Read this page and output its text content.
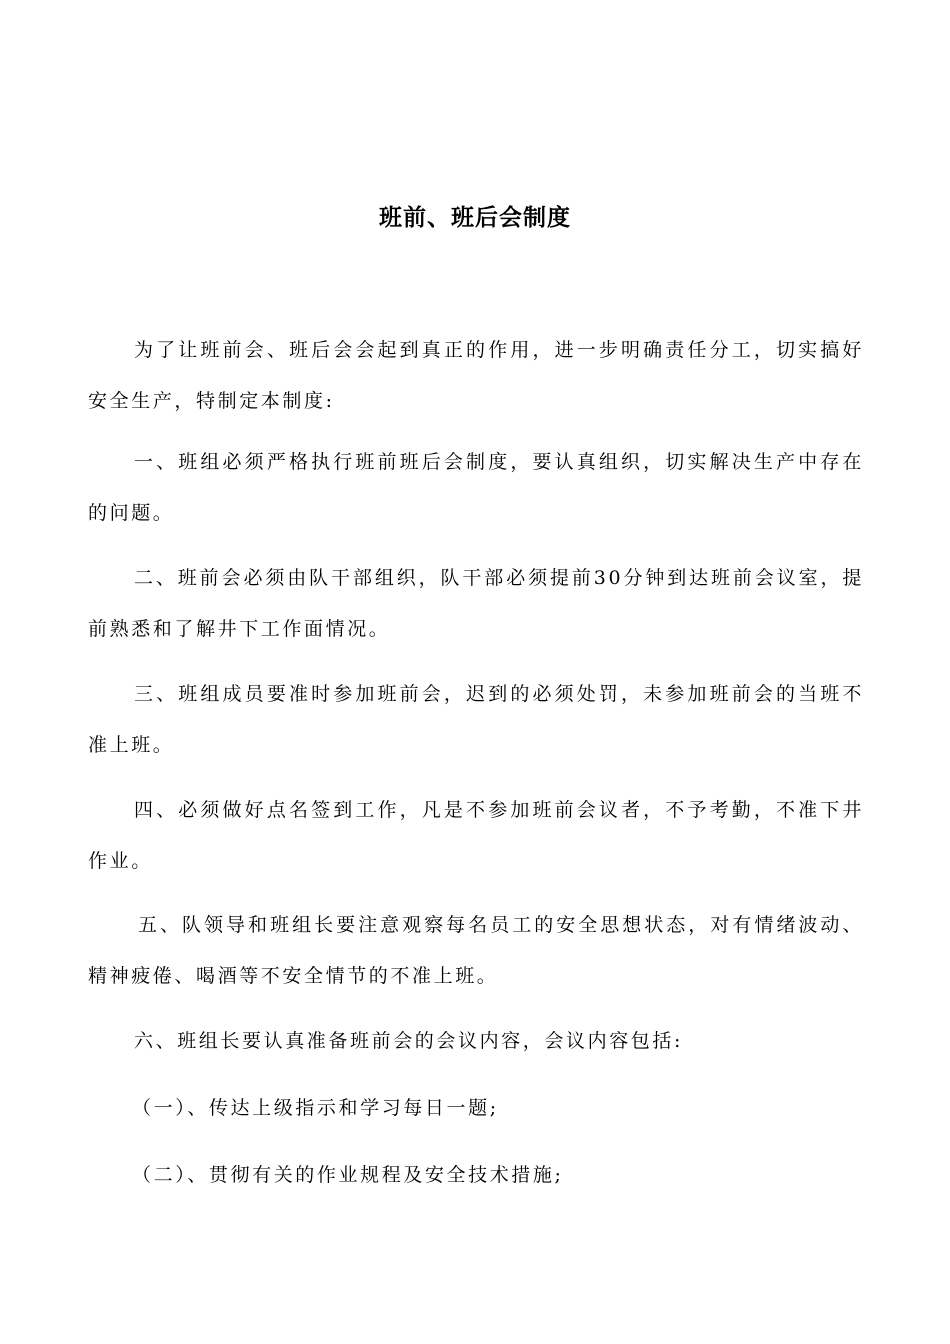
班前、班后会制度

为了让班前会、班后会会起到真正的作用，进一步明确责任分工，切实搞好安全生产，特制定本制度:

一、班组必须严格执行班前班后会制度，要认真组织，切实解决生产中存在的问题。

二、班前会必须由队干部组织，队干部必须提前30分钟到达班前会议室，提前熟悉和了解井下工作面情况。

三、班组成员要准时参加班前会，迟到的必须处罚，未参加班前会的当班不准上班。

四、必须做好点名签到工作，凡是不参加班前会议者，不予考勤，不准下井作业。

五、队领导和班组长要注意观察每名员工的安全思想状态，对有情绪波动、精神疲倦、喝酒等不安全情节的不准上班。

六、班组长要认真准备班前会的会议内容，会议内容包括:

（一）、传达上级指示和学习每日一题;

（二）、贯彻有关的作业规程及安全技术措施;
